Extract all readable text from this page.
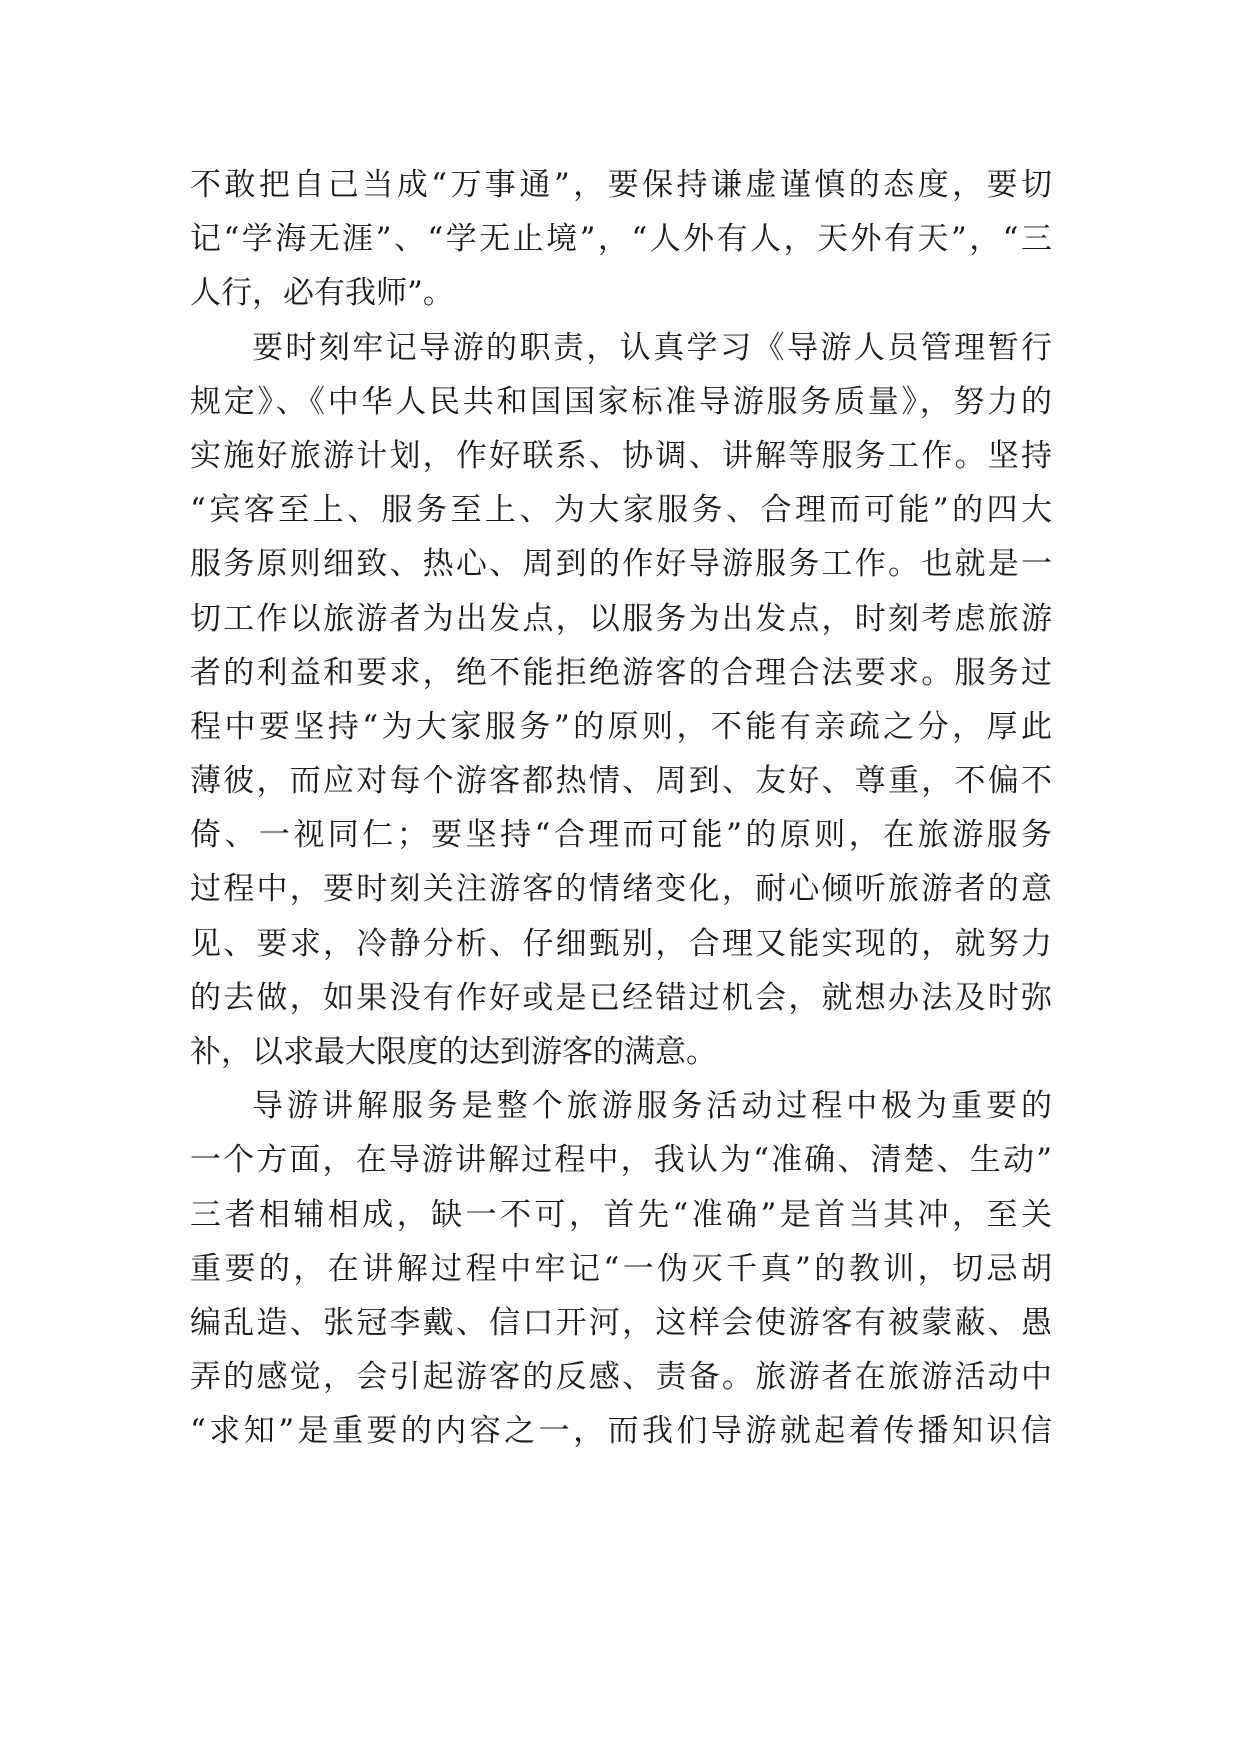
不敢把自己当成“万事通”，要保持谦虚谨慎的态度，要切
记“学海无涯”、“学无止境”，“人外有人，天外有天”，“三
人行，必有我师”。
要时刻牢记导游的职责，认真学习《导游人员管理暂行
规定》、《中华人民共和国国家标准导游服务质量》，努力的
实施好旅游计划，作好联系、协调、讲解等服务工作。坚持
“宾客至上、服务至上、为大家服务、合理而可能”的四大
服务原则细致、热心、周到的作好导游服务工作。也就是一
切工作以旅游者为出发点，以服务为出发点，时刻考虑旅游
者的利益和要求，绝不能拒绝游客的合理合法要求。服务过
程中要坚持“为大家服务”的原则，不能有亲疏之分，厚此
薄彼，而应对每个游客都热情、周到、友好、尊重，不偏不
倚、一视同仁；要坚持“合理而可能”的原则，在旅游服务
过程中，要时刻关注游客的情绪变化，耐心倾听旅游者的意
见、要求，冷静分析、仔细甄别，合理又能实现的，就努力
的去做，如果没有作好或是已经错过机会，就想办法及时弥
补，以求最大限度的达到游客的满意。
导游讲解服务是整个旅游服务活动过程中极为重要的
一个方面，在导游讲解过程中，我认为“准确、清楚、生动”
三者相辅相成，缺一不可，首先“准确”是首当其冲，至关
重要的，在讲解过程中牢记“一伪灭千真”的教训，切忌胡
编乱造、张冠李戴、信口开河，这样会使游客有被蒙蔽、愚
弄的感觉，会引起游客的反感、责备。旅游者在旅游活动中
“求知”是重要的内容之一，而我们导游就起着传播知识信
